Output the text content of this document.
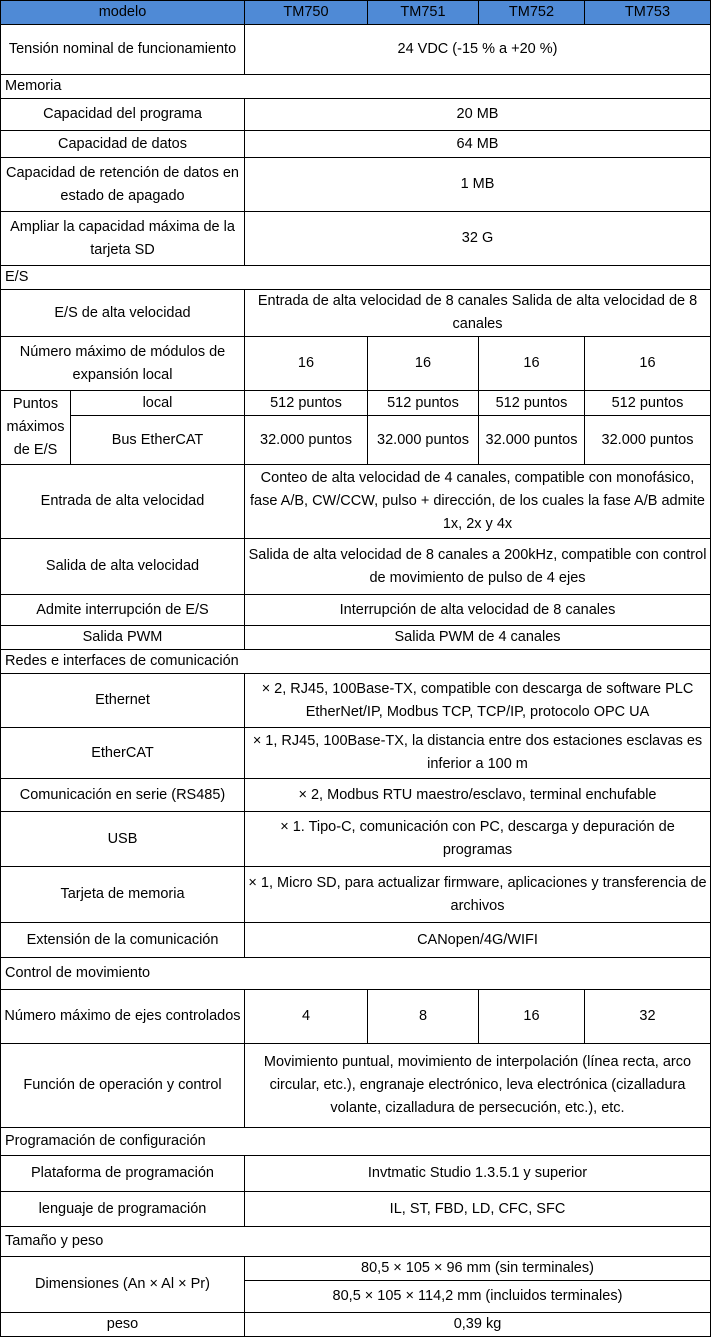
modelo		TM750	TM751	TM752	TM753
Tensión nominal de funcionamiento		24 VDC (-15 % a +20 %)			
Memoria					
Capacidad del programa		20 MB			
Capacidad de datos		64 MB			
Capacidad de retención de datos en estado de apagado		1 MB			
Ampliar la capacidad máxima de la tarjeta SD		32 G			
E/S					
E/S de alta velocidad		Entrada de alta velocidad de 8 canales Salida de alta velocidad de 8 canales			
Número máximo de módulos de expansión local		16	16	16	16
Puntos máximos de E/S	local	512 puntos	512 puntos	512 puntos	512 puntos
	Bus EtherCAT	32.000 puntos	32.000 puntos	32.000 puntos	32.000 puntos
Entrada de alta velocidad		Conteo de alta velocidad de 4 canales, compatible con monofásico, fase A/B, CW/CCW, pulso + dirección, de los cuales la fase A/B admite 1x, 2x y 4x			
Salida de alta velocidad		Salida de alta velocidad de 8 canales a 200kHz, compatible con control de movimiento de pulso de 4 ejes			
Admite interrupción de E/S		Interrupción de alta velocidad de 8 canales			
Salida PWM		Salida PWM de 4 canales			
Redes e interfaces de comunicación					
Ethernet		× 2, RJ45, 100Base-TX, compatible con descarga de software PLC EtherNet/IP, Modbus TCP, TCP/IP, protocolo OPC UA			
EtherCAT		× 1, RJ45, 100Base-TX, la distancia entre dos estaciones esclavas es inferior a 100 m			
Comunicación en serie (RS485)		× 2, Modbus RTU maestro/esclavo, terminal enchufable			
USB		× 1. Tipo-C, comunicación con PC, descarga y depuración de programas			
Tarjeta de memoria		× 1, Micro SD, para actualizar firmware, aplicaciones y transferencia de archivos			
Extensión de la comunicación		CANopen/4G/WIFI			
Control de movimiento					
Número máximo de ejes controlados		4	8	16	32
Función de operación y control		Movimiento puntual, movimiento de interpolación (línea recta, arco circular, etc.), engranaje electrónico, leva electrónica (cizalladura volante, cizalladura de persecución, etc.), etc.			
Programación de configuración					
Plataforma de programación		Invtmatic Studio 1.3.5.1 y superior			
lenguaje de programación		IL, ST, FBD, LD, CFC, SFC			
Tamaño y peso					
Dimensiones (An × Al × Pr)		80,5 × 105 × 96 mm (sin terminales)			
		80,5 × 105 × 114,2 mm (incluidos terminales)			
peso		0,39 kg			
